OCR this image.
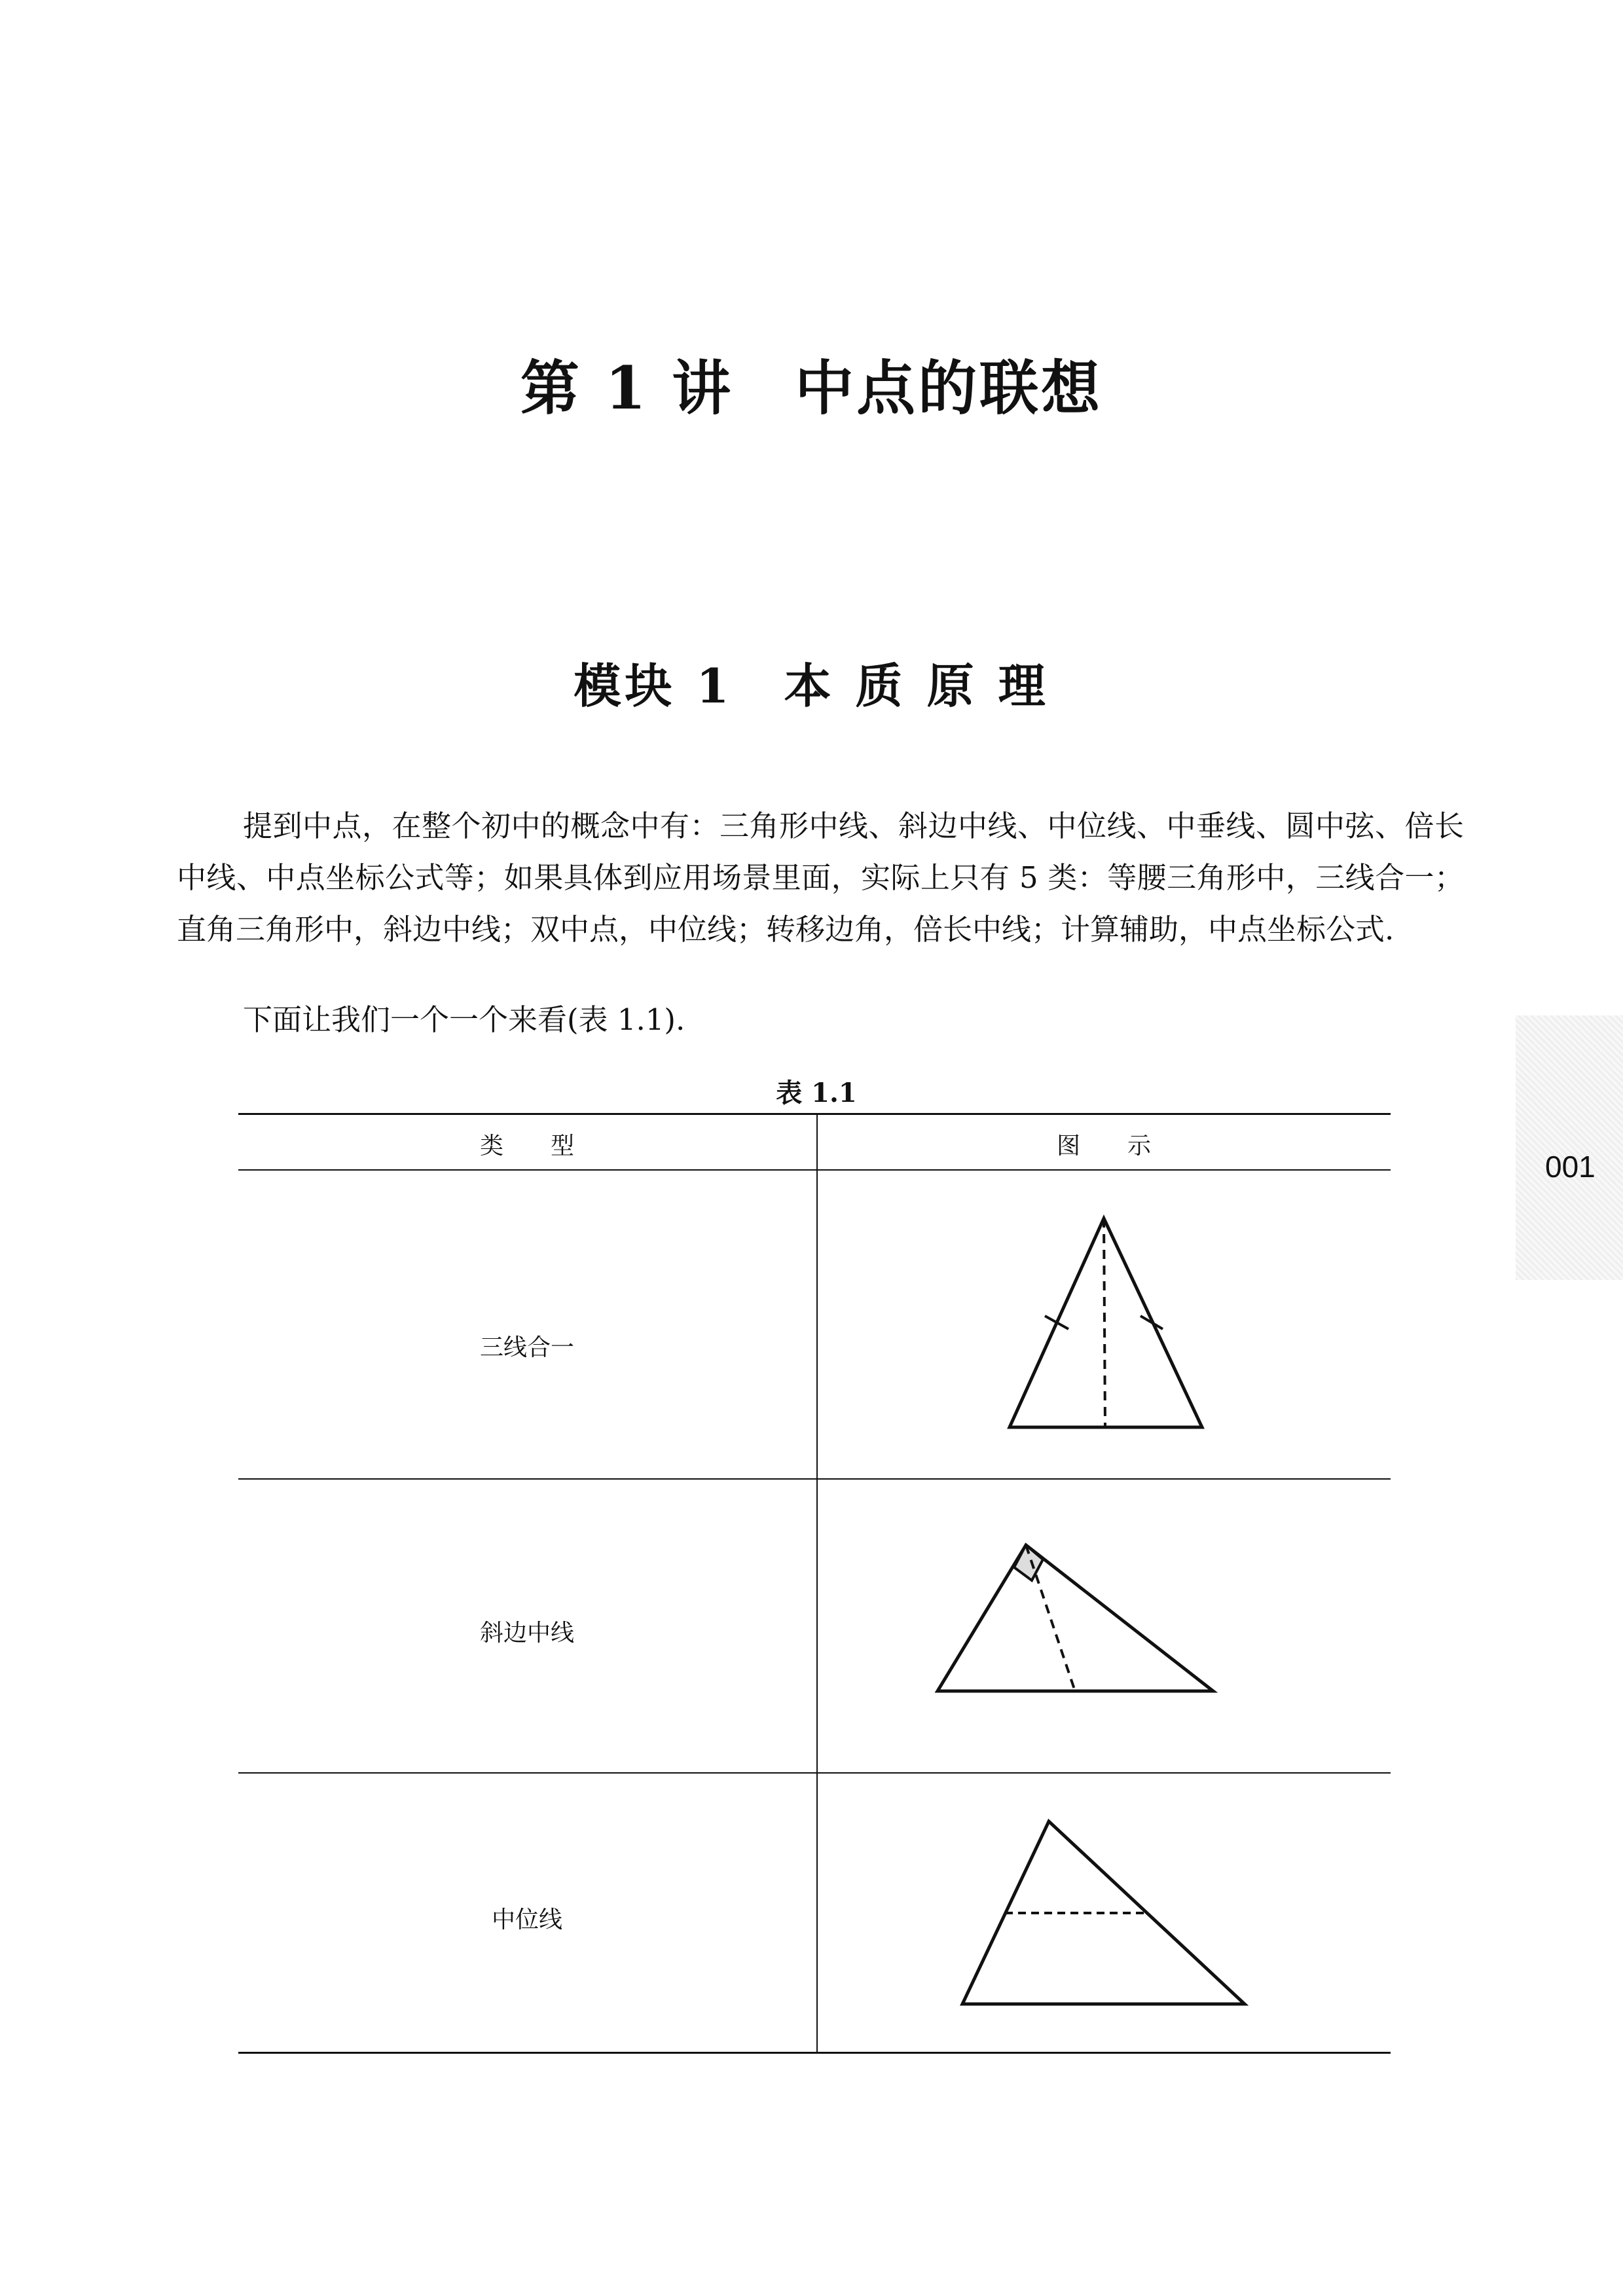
001
第 1 讲　中点的联想
模块 1　本 质 原 理
提到中点，在整个初中的概念中有：三角形中线、斜边中线、中位线、中垂线、圆中弦、倍长中线、中点坐标公式等；如果具体到应用场景里面，实际上只有 5 类：等腰三角形中，三线合一；直角三角形中，斜边中线；双中点，中位线；转移边角，倍长中线；计算辅助，中点坐标公式.
下面让我们一个一个来看(表 1.1).
表 1.1
类　　型	图　　示
三线合一
斜边中线
中位线
